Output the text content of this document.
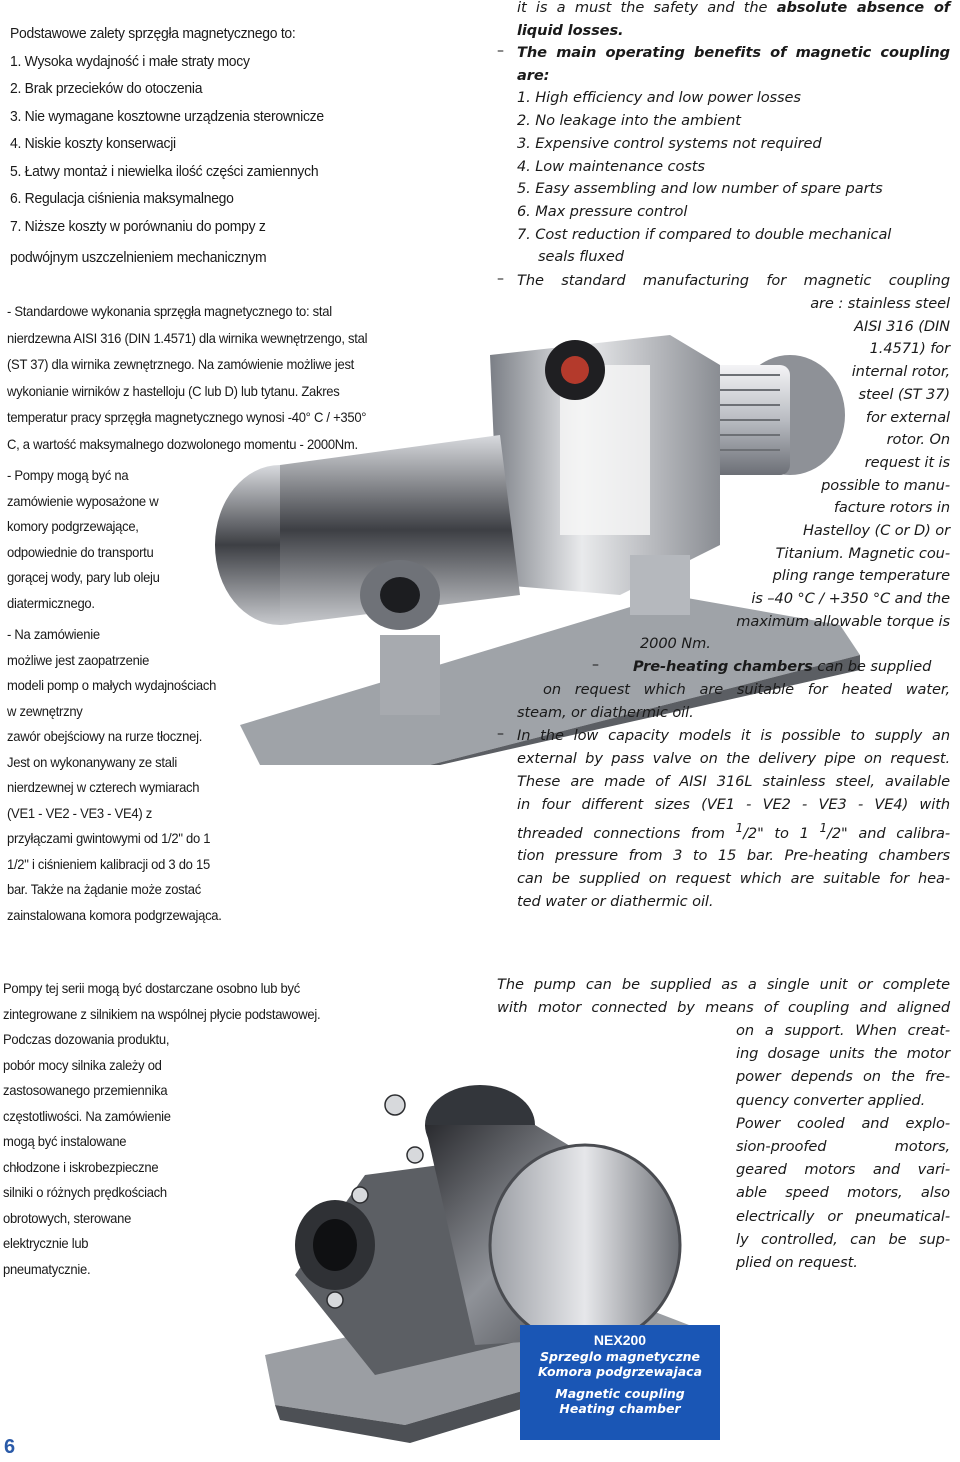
Podstawowe zalety sprzęgła magnetycznego to:
1. Wysoka wydajność i małe straty mocy
2. Brak przecieków do otoczenia
3. Nie wymagane kosztowne urządzenia sterownicze
4. Niskie koszty konserwacji
5. Łatwy montaż i niewielka ilość części zamiennych
6. Regulacja ciśnienia maksymalnego
7. Niższe koszty w porównaniu do pompy z
podwójnym uszczelnieniem mechanicznym
- Standardowe wykonania sprzęgła magnetycznego to: stal
nierdzewna AISI 316 (DIN 1.4571) dla wirnika wewnętrzengo, stal
(ST 37) dla wirnika zewnętrznego. Na zamówienie możliwe jest
wykonianie wirników z hastelloju (C lub D) lub tytanu. Zakres
temperatur pracy sprzęgła magnetycznego wynosi -40° C / +350°
C, a wartość maksymalnego dozwolonego momentu - 2000Nm.
- Pompy mogą być na
zamówienie wyposażone w
komory podgrzewające,
odpowiednie do transportu
gorącej wody, pary lub oleju
diatermicznego.
- Na zamówienie
możliwe jest zaopatrzenie
modeli pomp o małych wydajnościach
w zewnętrzny
zawór obejściowy na rurze tłocznej.
Jest on wykonanywany ze stali
nierdzewnej w czterech wymiarach
(VE1 - VE2 - VE3 - VE4) z
przyłączami gwintowymi od 1/2" do 1
1/2" i ciśnieniem kalibracji od 3 do 15
bar. Także na żądanie może zostać
zainstalowana komora podgrzewająca.
it is a must the safety and the absolute absence of
liquid losses.
– The main operating benefits of magnetic coupling
are:
1. High efficiency and low power losses
2. No leakage into the ambient
3. Expensive control systems not required
4. Low maintenance costs
5. Easy assembling and low number of spare parts
6. Max pressure control
7. Cost reduction if compared to double mechanical
seals fluxed
– The standard manufacturing for magnetic coupling
are : stainless steel
AISI 316 (DIN
1.4571) for
internal rotor,
steel (ST 37)
for external
rotor. On
request it is
possible to manu-
facture rotors in
Hastelloy (C or D) or
Titanium. Magnetic cou-
pling range temperature
is –40 °C / +350 °C and the
maximum allowable torque is
2000 Nm.
– Pre-heating chambers can be supplied
on request which are suitable for heated water,
steam, or diathermic oil.
– In the low capacity models it is possible to supply an
external by pass valve on the delivery pipe on request.
These are made of AISI 316L stainless steel, available
in four different sizes (VE1 - VE2 - VE3 - VE4) with
threaded connections from $^1$/2" to 1 $^1$/2" and calibra-
tion pressure from 3 to 15 bar. Pre-heating chambers
can be supplied on request which are suitable for hea-
ted water or diathermic oil.
Pompy tej serii mogą być dostarczane osobno lub być
zintegrowane z silnikiem na wspólnej płycie podstawowej.
Podczas dozowania produktu,
pobór mocy silnika zależy od
zastosowanego przemiennika
częstotliwości. Na zamówienie
mogą być instalowane
chłodzone i iskrobezpieczne
silniki o różnych prędkościach
obrotowych, sterowane
elektrycznie lub
pneumatycznie.
The pump can be supplied as a single unit or complete
with motor connected by means of coupling and aligned
on a support. When creat-
ing dosage units the motor
power depends on the fre-
quency converter applied.
Power cooled and explo-
sion-proofed motors,
geared motors and vari-
able speed motors, also
electrically or pneumatical-
ly controlled, can be sup-
plied on request.
NEX200
Sprzeglo magnetyczne
Komora podgrzewajaca
Magnetic coupling
Heating chamber
6
